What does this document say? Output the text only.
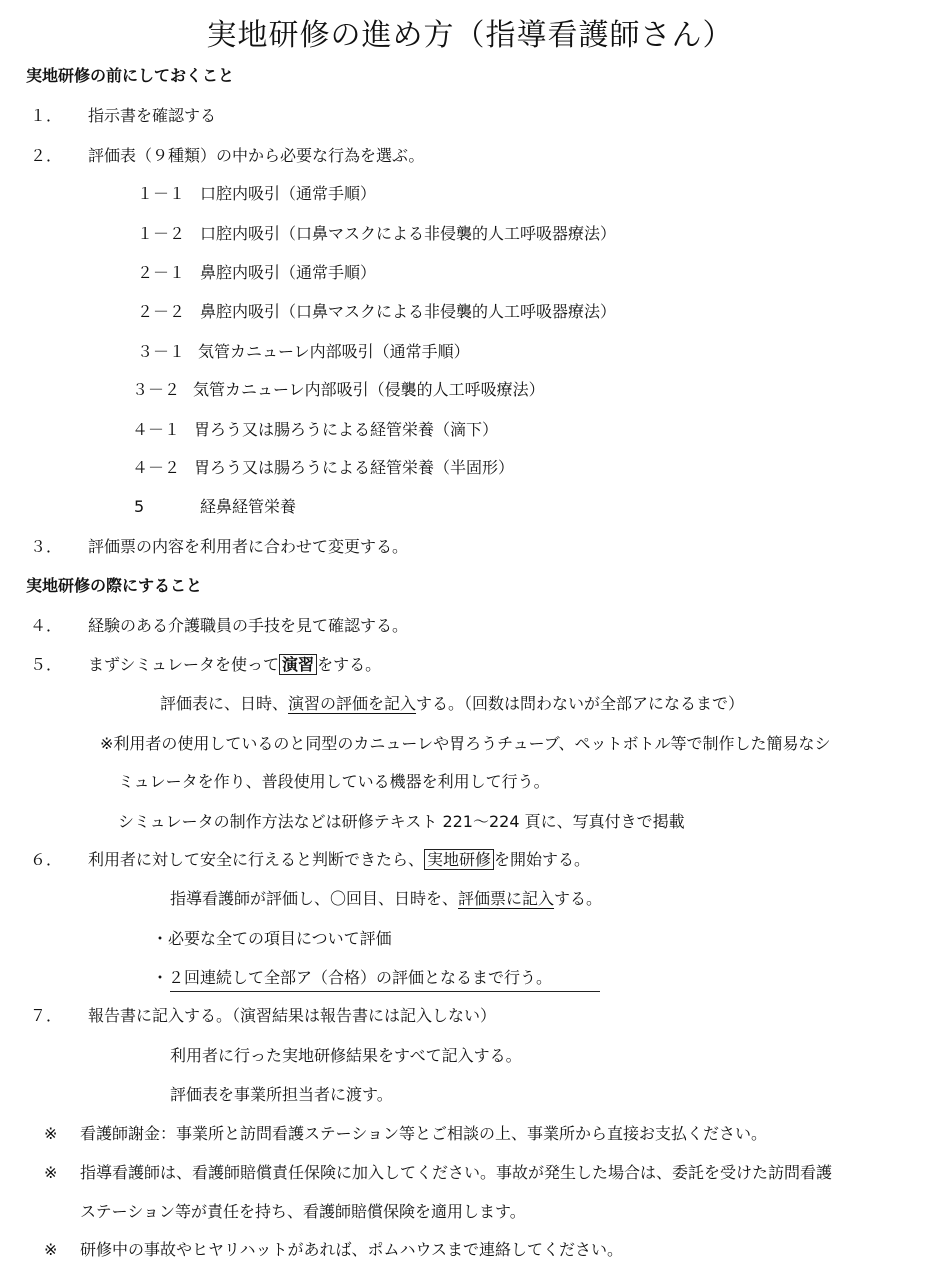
実地研修の進め方（指導看護師さん）
実地研修の前にしておくこと
１． 指示書を確認する
２． 評価表（９種類）の中から必要な行為を選ぶ。
１－１ 口腔内吸引（通常手順）
１－２ 口腔内吸引（口鼻マスクによる非侵襲的人工呼吸器療法）
２－１ 鼻腔内吸引（通常手順）
２－２ 鼻腔内吸引（口鼻マスクによる非侵襲的人工呼吸器療法）
３－１ 気管カニューレ内部吸引（通常手順）
３－２ 気管カニューレ内部吸引（侵襲的人工呼吸療法）
４－１ 胃ろう又は腸ろうによる経管栄養（滴下）
４－２ 胃ろう又は腸ろうによる経管栄養（半固形）
5	経鼻経管栄養
３． 評価票の内容を利用者に合わせて変更する。
実地研修の際にすること
４． 経験のある介護職員の手技を見て確認する。
５． まずシミュレータを使って 演習 をする。
評価表に、日時、演習の評価を記入する。（回数は問わないが全部アになるまで）
※利用者の使用しているのと同型のカニューレや胃ろうチューブ、ペットボトル等で制作した簡易なシ
ミュレータを作り、普段使用している機器を利用して行う。
シミュレータの制作方法などは研修テキスト 221～224 頁に、写真付きで掲載
６． 利用者に対して安全に行えると判断できたら、 実地研修 を開始する。
指導看護師が評価し、〇回目、日時を、評価票に記入する。
・必要な全ての項目について評価
・２回連続して全部ア（合格）の評価となるまで行う。
７． 報告書に記入する。（演習結果は報告書には記入しない）
利用者に行った実地研修結果をすべて記入する。
評価表を事業所担当者に渡す。
※ 看護師謝金：事業所と訪問看護ステーション等とご相談の上、事業所から直接お支払ください。
※ 指導看護師は、看護師賠償責任保険に加入してください。事故が発生した場合は、委託を受けた訪問看護
ステーション等が責任を持ち、看護師賠償保険を適用します。
※ 研修中の事故やヒヤリハットがあれば、ポムハウスまで連絡してください。
